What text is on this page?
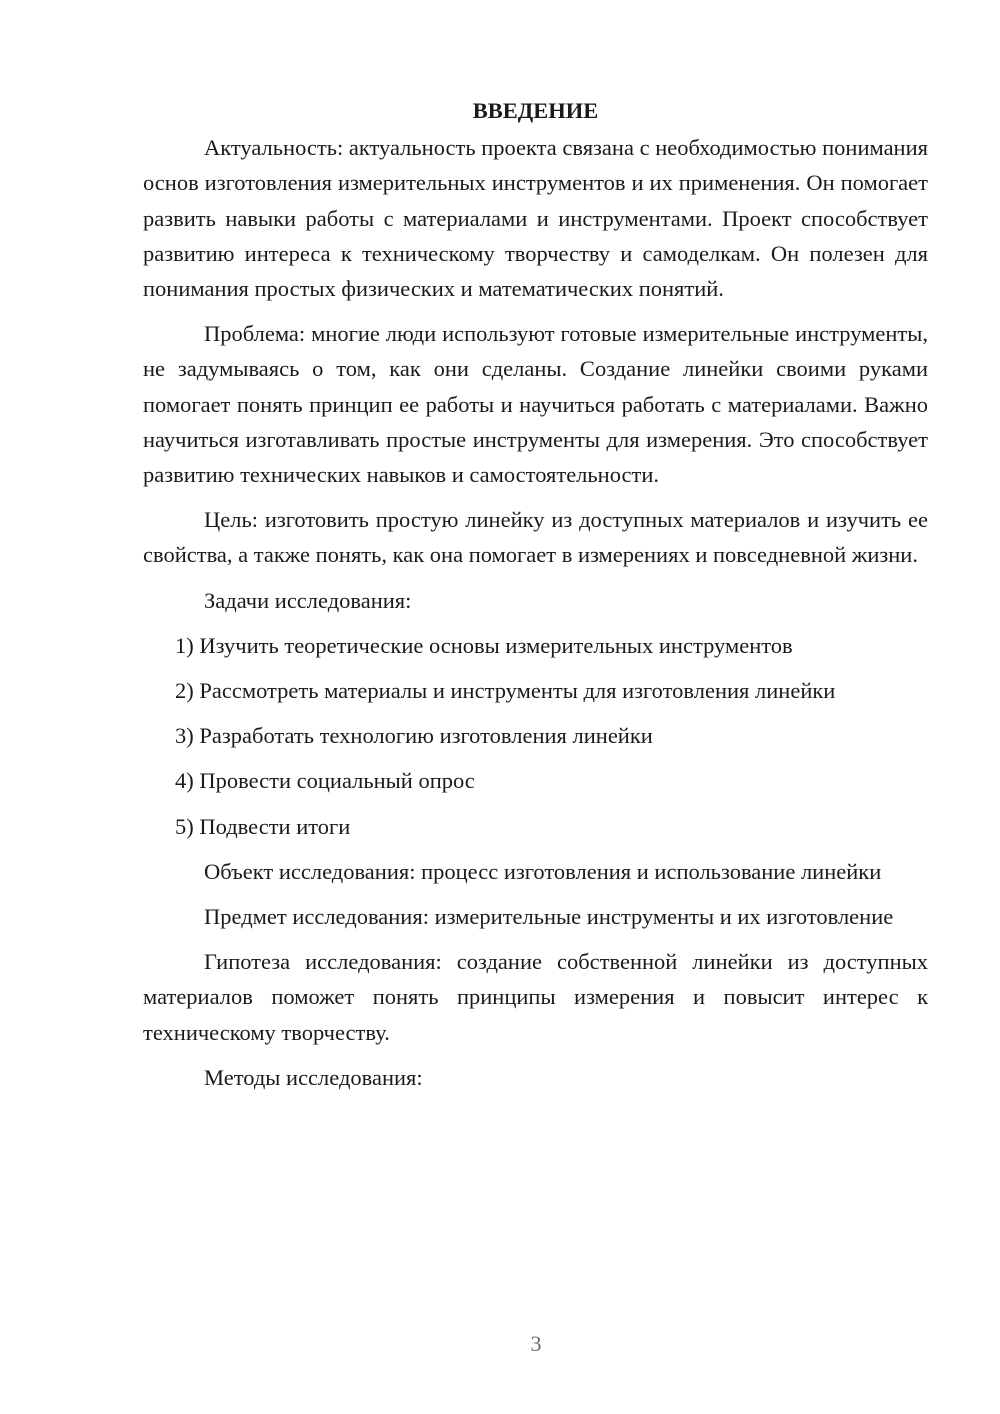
ВВЕДЕНИЕ

Актуальность: актуальность проекта связана с необходимостью понимания основ изготовления измерительных инструментов и их применения. Он помогает развить навыки работы с материалами и инструментами. Проект способствует развитию интереса к техническому творчеству и самоделкам. Он полезен для понимания простых физических и математических понятий.

Проблема: многие люди используют готовые измерительные инструменты, не задумываясь о том, как они сделаны. Создание линейки своими руками помогает понять принцип ее работы и научиться работать с материалами. Важно научиться изготавливать простые инструменты для измерения. Это способствует развитию технических навыков и самостоятельности.

Цель: изготовить простую линейку из доступных материалов и изучить ее свойства, а также понять, как она помогает в измерениях и повседневной жизни.

Задачи исследования:

1) Изучить теоретические основы измерительных инструментов
2) Рассмотреть материалы и инструменты для изготовления линейки
3) Разработать технологию изготовления линейки
4) Провести социальный опрос
5) Подвести итоги

Объект исследования: процесс изготовления и использование линейки

Предмет исследования: измерительные инструменты и их изготовление

Гипотеза исследования: создание собственной линейки из доступных материалов поможет понять принципы измерения и повысит интерес к техническому творчеству.

Методы исследования:

3
